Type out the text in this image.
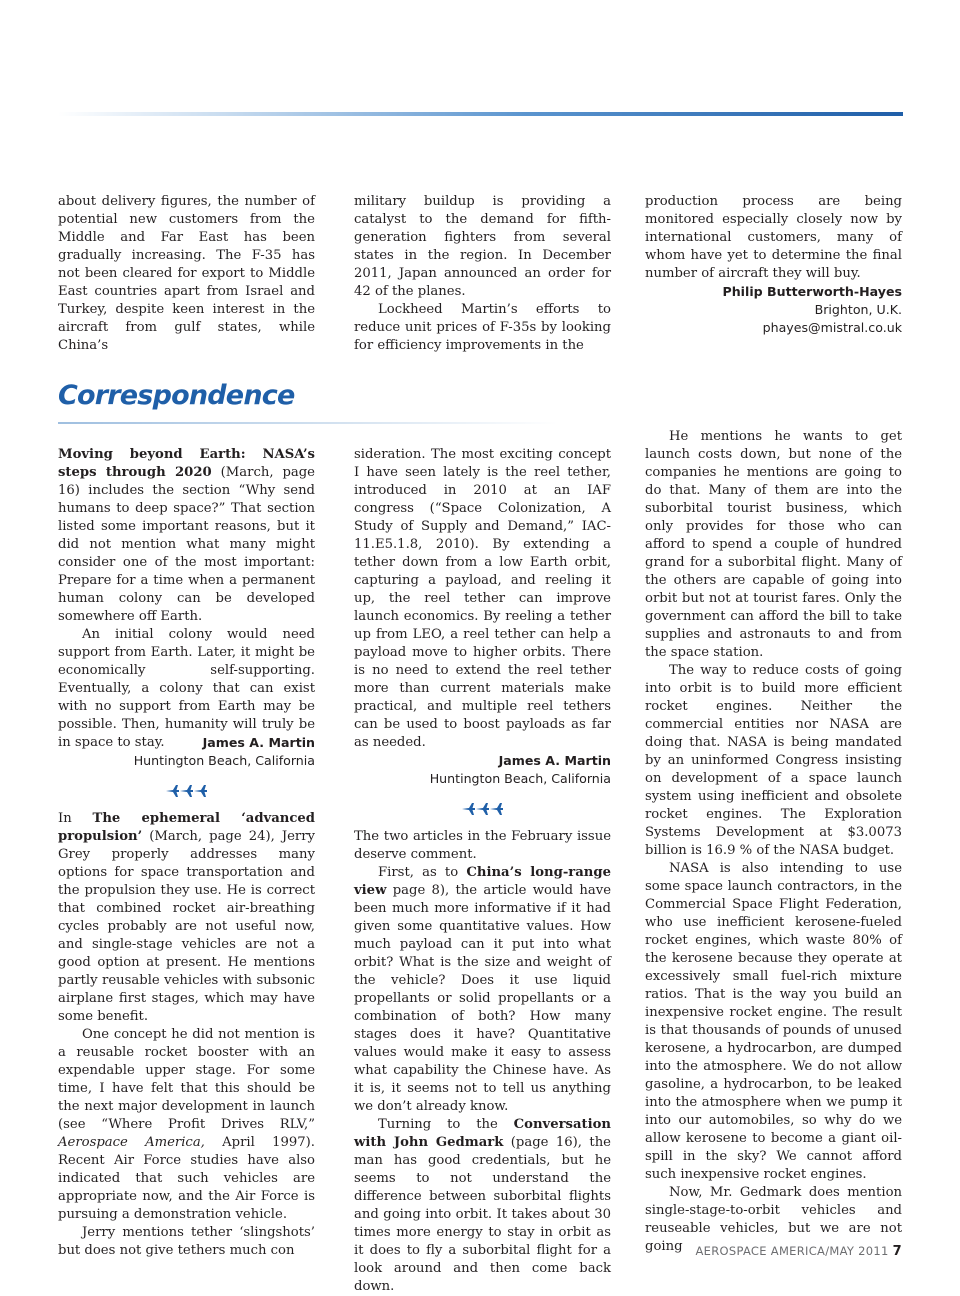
about delivery figures, the number of potential new customers from the Middle and Far East has been gradually increasing. The F-35 has not been cleared for export to Middle East countries apart from Israel and Turkey, despite keen interest in the aircraft from gulf states, while China’s

military buildup is providing a catalyst to the demand for fifth-generation fighters from several states in the region. In December 2011, Japan announced an order for 42 of the planes.

Lockheed Martin’s efforts to reduce unit prices of F-35s by looking for efficiency improvements in the

production process are being monitored especially closely now by international customers, many of whom have yet to determine the final number of aircraft they will buy.

Philip Butterworth-Hayes
Brighton, U.K.
phayes@mistral.co.uk
Correspondence

Moving beyond Earth: NASA’s steps through 2020 (March, page 16) includes the section “Why send humans to deep space?” That section listed some important reasons, but it did not mention what many might consider one of the most important: Prepare for a time when a permanent human colony can be developed somewhere off Earth.

An initial colony would need support from Earth. Later, it might be economically self-supporting. Eventually, a colony that can exist with no support from Earth may be possible. Then, humanity will truly be in space to stay.	James A. Martin

Huntington Beach, California

In The ephemeral ‘advanced propulsion’ (March, page 24), Jerry Grey properly addresses many options for space transportation and the propulsion they use. He is correct that combined rocket air-breathing cycles probably are not useful now, and single-stage vehicles are not a good option at present. He mentions partly reusable vehicles with subsonic airplane first stages, which may have some benefit.

One concept he did not mention is a reusable rocket booster with an expendable upper stage. For some time, I have felt that this should be the next major development in launch (see “Where Profit Drives RLV,” Aerospace America, April 1997). Recent Air Force studies have also indicated that such vehicles are appropriate now, and the Air Force is pursuing a demonstration vehicle.

Jerry mentions tether ‘slingshots’ but does not give tethers much con

sideration. The most exciting concept I have seen lately is the reel tether, introduced in 2010 at an IAF congress (“Space Colonization, A Study of Supply and Demand,” IAC-11.E5.1.8, 2010). By extending a tether down from a low Earth orbit, capturing a payload, and reeling it up, the reel tether can improve launch economics. By reeling a tether up from LEO, a reel tether can help a payload move to higher orbits. There is no need to extend the reel tether more than current materials make practical, and multiple reel tethers can be used to boost payloads as far as needed.

James A. Martin
Huntington Beach, California

The two articles in the February issue deserve comment.

First, as to China’s long-range view page 8), the article would have been much more informative if it had given some quantitative values. How much payload can it put into what orbit? What is the size and weight of the vehicle? Does it use liquid propellants or solid propellants or a combination of both? How many stages does it have? Quantitative values would make it easy to assess what capability the Chinese have. As it is, it seems not to tell us anything we don’t already know.

Turning to the Conversation with John Gedmark (page 16), the man has good credentials, but he seems to not understand the difference between suborbital flights and going into orbit. It takes about 30 times more energy to stay in orbit as it does to fly a suborbital flight for a look around and then come back down.

He mentions he wants to get launch costs down, but none of the companies he mentions are going to do that. Many of them are into the suborbital tourist business, which only provides for those who can afford to spend a couple of hundred grand for a suborbital flight. Many of the others are capable of going into orbit but not at tourist fares. Only the government can afford the bill to take supplies and astronauts to and from the space station.

The way to reduce costs of going into orbit is to build more efficient rocket engines. Neither the commercial entities nor NASA are doing that. NASA is being mandated by an uninformed Congress insisting on development of a space launch system using inefficient and obsolete rocket engines. The Exploration Systems Development at $3.0073 billion is 16.9 % of the NASA budget.

NASA is also intending to use some space launch contractors, in the Commercial Space Flight Federation, who use inefficient kerosene-fueled rocket engines, which waste 80% of the kerosene because they operate at excessively small fuel-rich mixture ratios. That is the way you build an inexpensive rocket engine. The result is that thousands of pounds of unused kerosene, a hydrocarbon, are dumped into the atmosphere. We do not allow gasoline, a hydrocarbon, to be leaked into the atmosphere when we pump it into our automobiles, so why do we allow kerosene to become a giant oil-spill in the sky? We cannot afford such inexpensive rocket engines.

Now, Mr. Gedmark does mention single-stage-to-orbit vehicles and reuseable vehicles, but we are not going	AEROSPACE AMERICA/MAY 2011 7
